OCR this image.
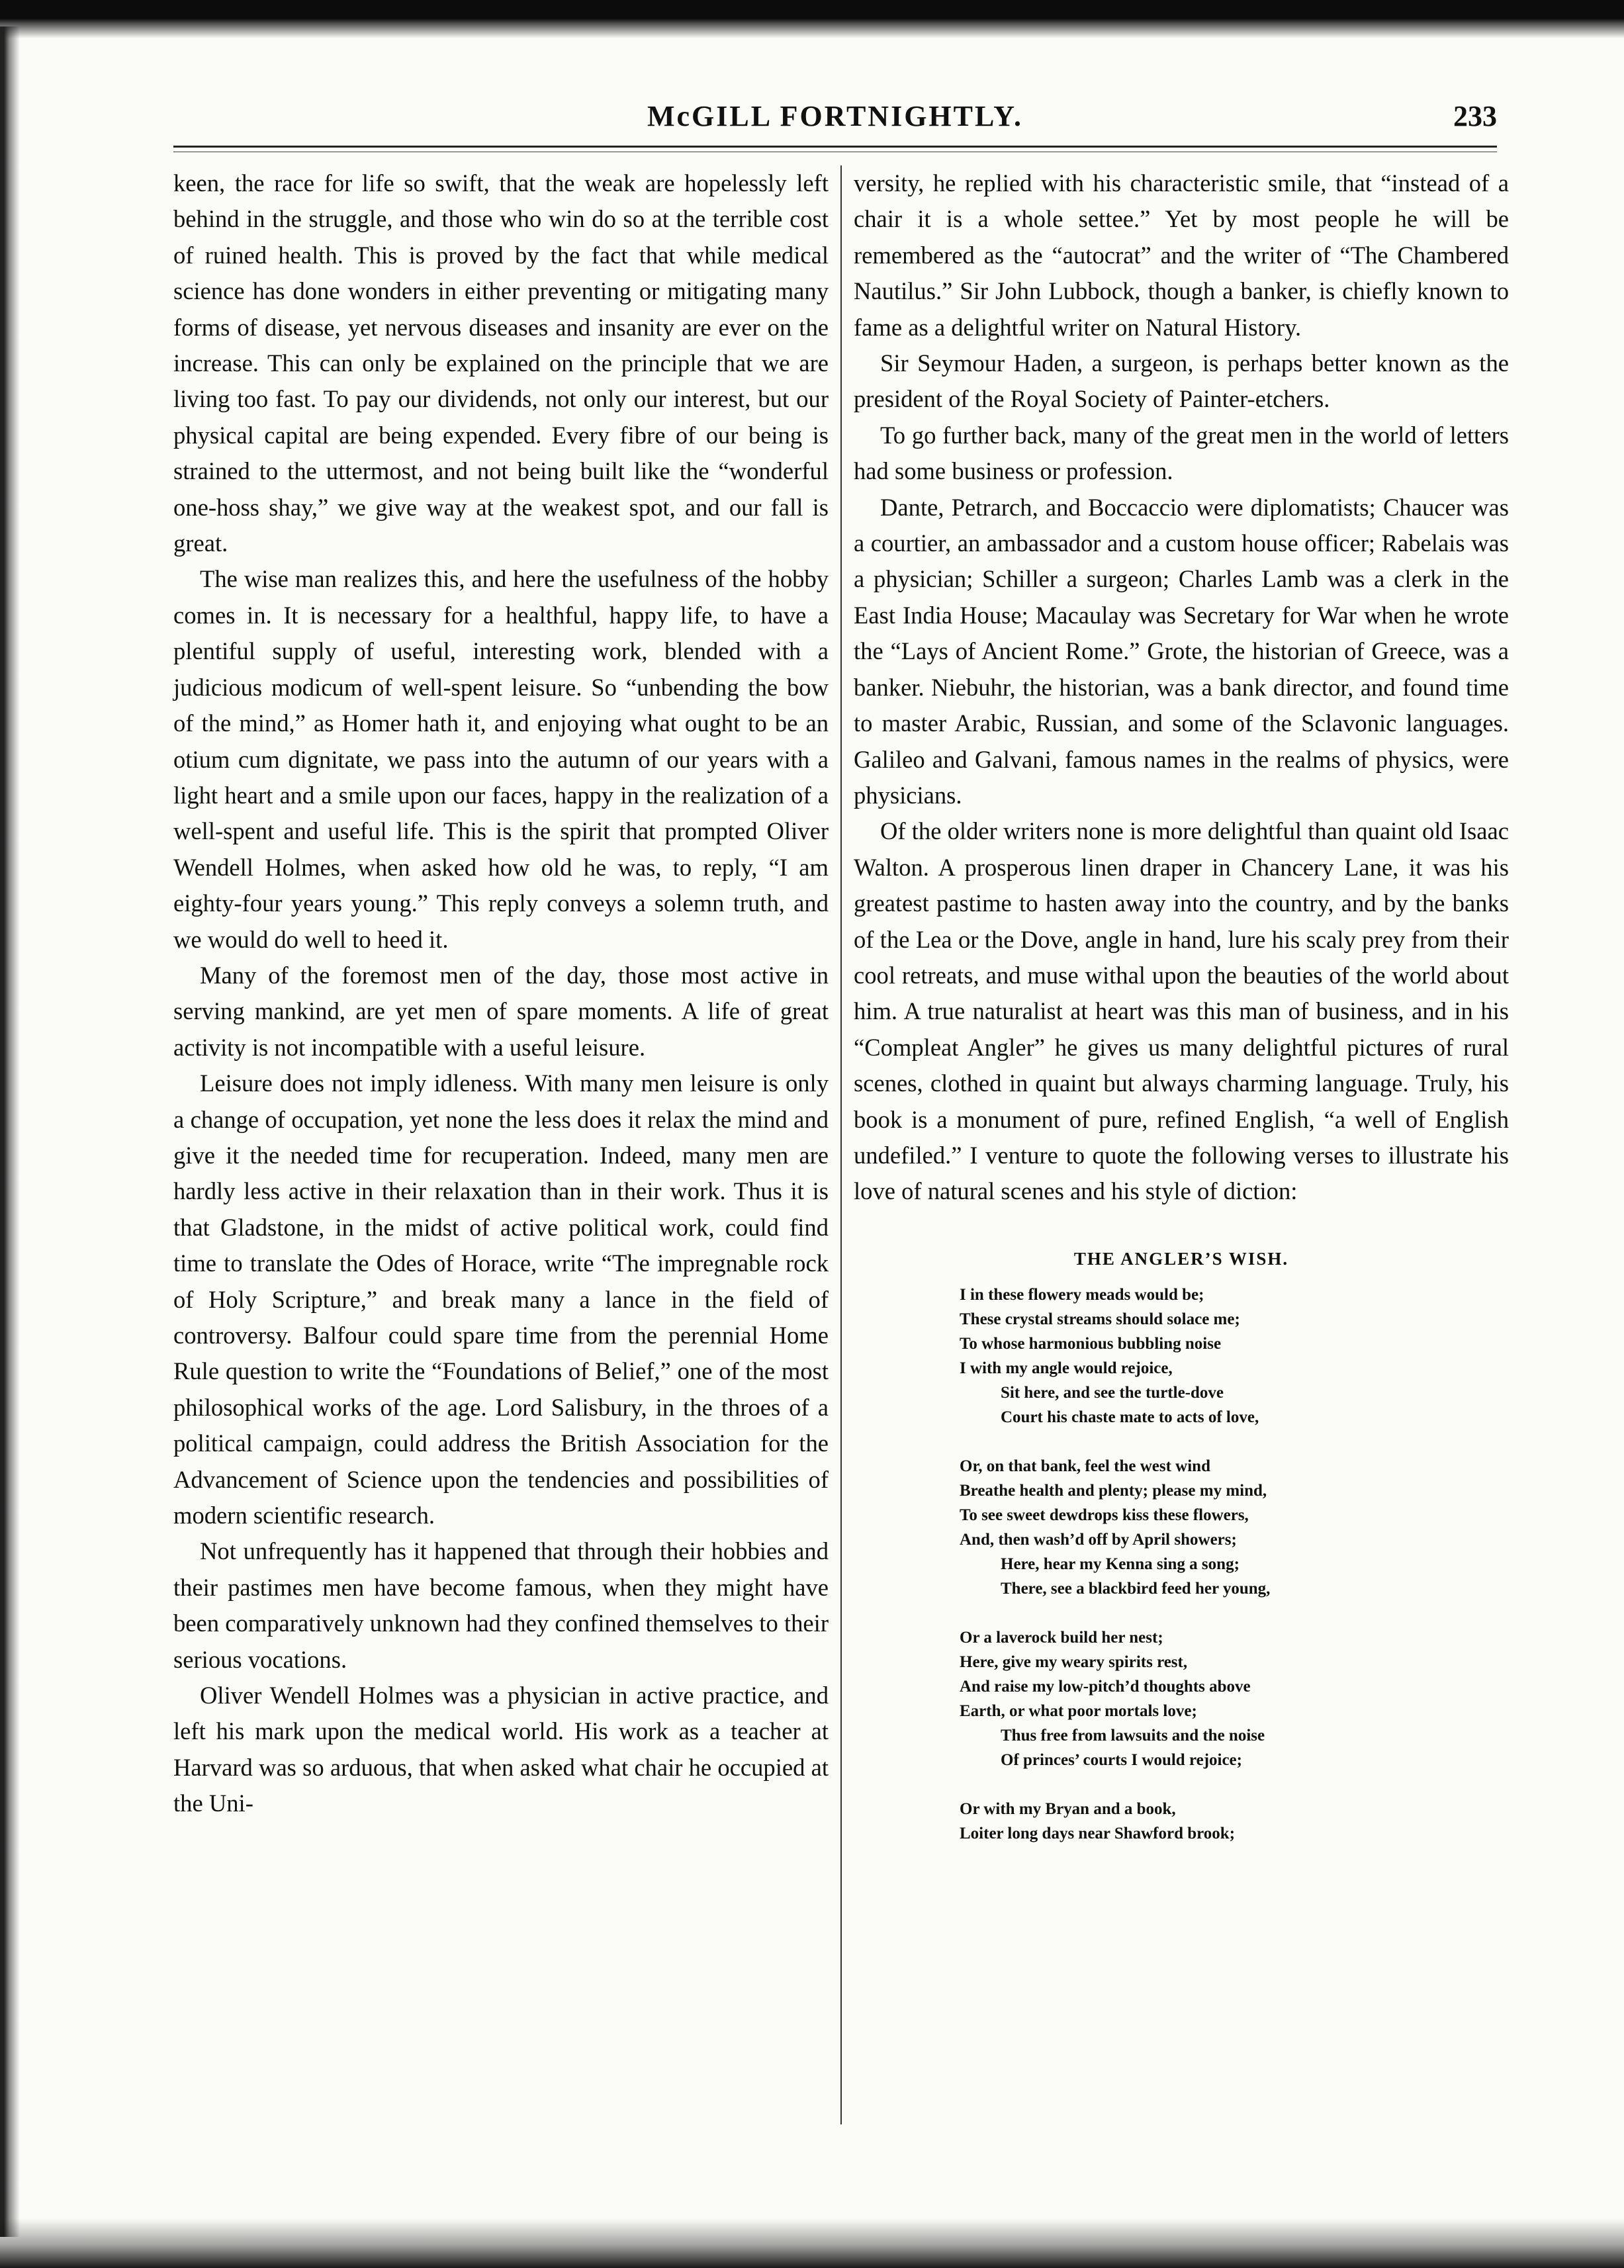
McGILL FORTNIGHTLY.	233

keen, the race for life so swift, that the weak are hopelessly left behind in the struggle, and those who win do so at the terrible cost of ruined health. This is proved by the fact that while medical science has done wonders in either preventing or mitigating many forms of disease, yet nervous diseases and insanity are ever on the increase. This can only be explained on the principle that we are living too fast. To pay our dividends, not only our interest, but our physical capital are being expended. Every fibre of our being is strained to the uttermost, and not being built like the “wonderful one-hoss shay,” we give way at the weakest spot, and our fall is great.

The wise man realizes this, and here the usefulness of the hobby comes in. It is necessary for a healthful, happy life, to have a plentiful supply of useful, interesting work, blended with a judicious modicum of well-spent leisure. So “unbending the bow of the mind,” as Homer hath it, and enjoying what ought to be an otium cum dignitate, we pass into the autumn of our years with a light heart and a smile upon our faces, happy in the realization of a well-spent and useful life. This is the spirit that prompted Oliver Wendell Holmes, when asked how old he was, to reply, “I am eighty-four years young.” This reply conveys a solemn truth, and we would do well to heed it.

Many of the foremost men of the day, those most active in serving mankind, are yet men of spare moments. A life of great activity is not incompatible with a useful leisure.

Leisure does not imply idleness. With many men leisure is only a change of occupation, yet none the less does it relax the mind and give it the needed time for recuperation. Indeed, many men are hardly less active in their relaxation than in their work. Thus it is that Gladstone, in the midst of active political work, could find time to translate the Odes of Horace, write “The impregnable rock of Holy Scripture,” and break many a lance in the field of controversy. Balfour could spare time from the perennial Home Rule question to write the “Foundations of Belief,” one of the most philosophical works of the age. Lord Salisbury, in the throes of a political campaign, could address the British Association for the Advancement of Science upon the tendencies and possibilities of modern scientific research.

Not unfrequently has it happened that through their hobbies and their pastimes men have become famous, when they might have been comparatively unknown had they confined themselves to their serious vocations.

Oliver Wendell Holmes was a physician in active practice, and left his mark upon the medical world. His work as a teacher at Harvard was so arduous, that when asked what chair he occupied at the Uni-

versity, he replied with his characteristic smile, that “instead of a chair it is a whole settee.” Yet by most people he will be remembered as the “autocrat” and the writer of “The Chambered Nautilus.” Sir John Lubbock, though a banker, is chiefly known to fame as a delightful writer on Natural History.

Sir Seymour Haden, a surgeon, is perhaps better known as the president of the Royal Society of Painter-etchers.

To go further back, many of the great men in the world of letters had some business or profession.

Dante, Petrarch, and Boccaccio were diplomatists; Chaucer was a courtier, an ambassador and a custom house officer; Rabelais was a physician; Schiller a surgeon; Charles Lamb was a clerk in the East India House; Macaulay was Secretary for War when he wrote the “Lays of Ancient Rome.” Grote, the historian of Greece, was a banker. Niebuhr, the historian, was a bank director, and found time to master Arabic, Russian, and some of the Sclavonic languages. Galileo and Galvani, famous names in the realms of physics, were physicians.

Of the older writers none is more delightful than quaint old Isaac Walton. A prosperous linen draper in Chancery Lane, it was his greatest pastime to hasten away into the country, and by the banks of the Lea or the Dove, angle in hand, lure his scaly prey from their cool retreats, and muse withal upon the beauties of the world about him. A true naturalist at heart was this man of business, and in his “Compleat Angler” he gives us many delightful pictures of rural scenes, clothed in quaint but always charming language. Truly, his book is a monument of pure, refined English, “a well of English undefiled.” I venture to quote the following verses to illustrate his love of natural scenes and his style of diction:

THE ANGLER’S WISH.
I in these flowery meads would be;
These crystal streams should solace me;
To whose harmonious bubbling noise
I with my angle would rejoice,
Sit here, and see the turtle-dove
Court his chaste mate to acts of love,
Or, on that bank, feel the west wind
Breathe health and plenty; please my mind,
To see sweet dewdrops kiss these flowers,
And, then wash’d off by April showers;
Here, hear my Kenna sing a song;
There, see a blackbird feed her young,
Or a laverock build her nest;
Here, give my weary spirits rest,
And raise my low-pitch’d thoughts above
Earth, or what poor mortals love;
Thus free from lawsuits and the noise
Of princes’ courts I would rejoice;
Or with my Bryan and a book,
Loiter long days near Shawford brook;
